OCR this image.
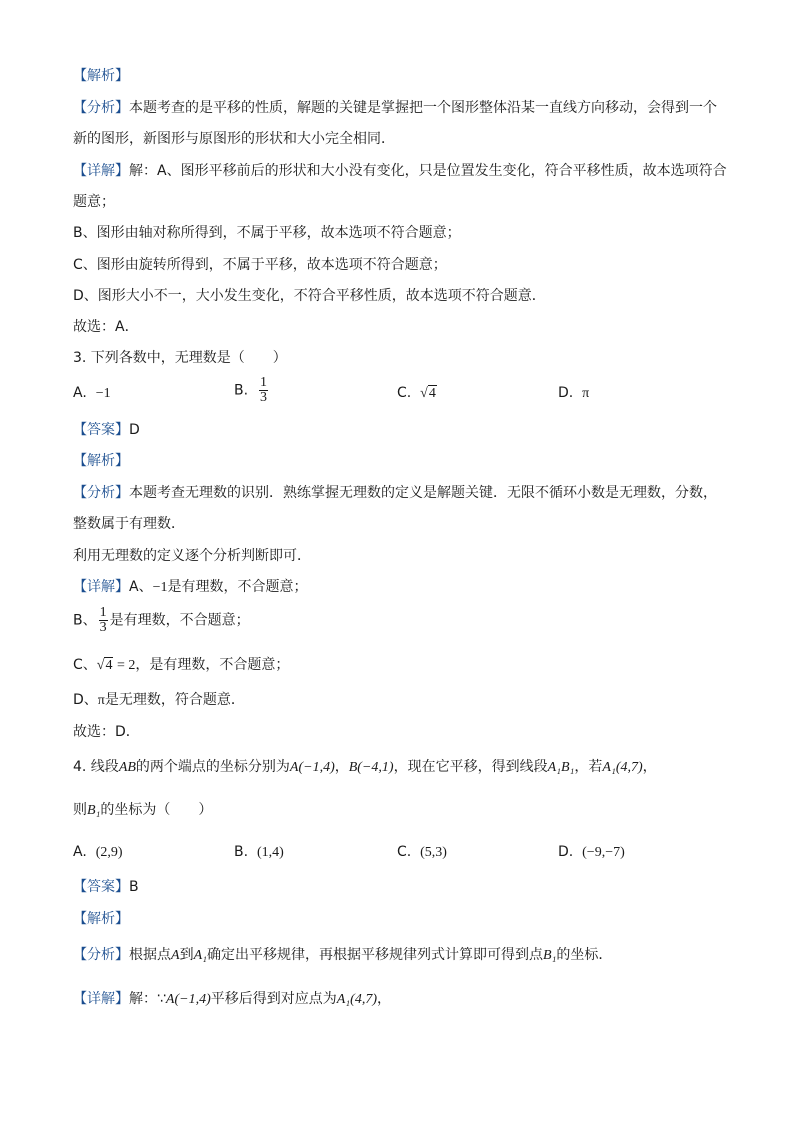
【解析】
【分析】本题考查的是平移的性质，解题的关键是掌握把一个图形整体沿某一直线方向移动，会得到一个
新的图形，新图形与原图形的形状和大小完全相同．
【详解】解：A、图形平移前后的形状和大小没有变化，只是位置发生变化，符合平移性质，故本选项符合
题意；
B、图形由轴对称所得到，不属于平移，故本选项不符合题意；
C、图形由旋转所得到，不属于平移，故本选项不符合题意；
D、图形大小不一，大小发生变化，不符合平移性质，故本选项不符合题意．
故选：A．
3. 下列各数中，无理数是（　　）
A. −1	B. $\frac{1}{3}$	C. √4	D. π
【答案】D
【解析】
【分析】本题考查无理数的识别．熟练掌握无理数的定义是解题关键．无限不循环小数是无理数，分数，
整数属于有理数．
利用无理数的定义逐个分析判断即可．
【详解】A、−1是有理数，不合题意；
B、 $\frac{1}{3}$ 是有理数，不合题意；
C、√4 = 2，是有理数，不合题意；
D、π是无理数，符合题意．
故选：D．
4. 线段AB的两个端点的坐标分别为A(−1,4)，B(−4,1)，现在它平移，得到线段A₁B₁，若A₁(4,7)，
则B₁的坐标为（　　）
A. (2,9)	B. (1,4)	C. (5,3)	D. (−9,−7)
【答案】B
【解析】
【分析】根据点A到A₁确定出平移规律，再根据平移规律列式计算即可得到点B₁的坐标．
【详解】解：∵A(−1,4)平移后得到对应点为A₁(4,7)，
